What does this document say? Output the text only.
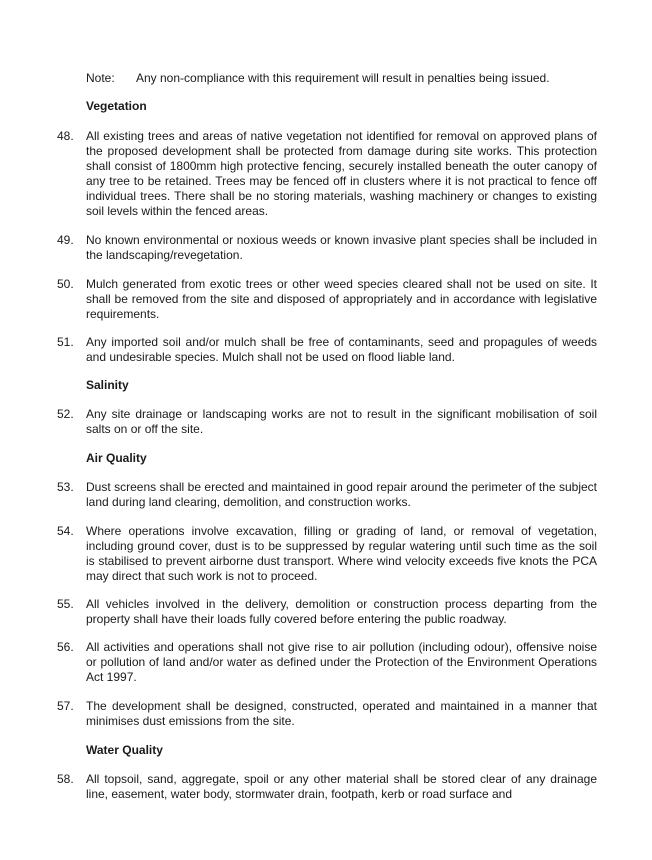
Note: Any non-compliance with this requirement will result in penalties being issued.
Vegetation
48.	All existing trees and areas of native vegetation not identified for removal on approved plans of the proposed development shall be protected from damage during site works. This protection shall consist of 1800mm high protective fencing, securely installed beneath the outer canopy of any tree to be retained. Trees may be fenced off in clusters where it is not practical to fence off individual trees. There shall be no storing materials, washing machinery or changes to existing soil levels within the fenced areas.
49.	No known environmental or noxious weeds or known invasive plant species shall be included in the landscaping/revegetation.
50.	Mulch generated from exotic trees or other weed species cleared shall not be used on site. It shall be removed from the site and disposed of appropriately and in accordance with legislative requirements.
51.	Any imported soil and/or mulch shall be free of contaminants, seed and propagules of weeds and undesirable species. Mulch shall not be used on flood liable land.
Salinity
52.	Any site drainage or landscaping works are not to result in the significant mobilisation of soil salts on or off the site.
Air Quality
53.	Dust screens shall be erected and maintained in good repair around the perimeter of the subject land during land clearing, demolition, and construction works.
54.	Where operations involve excavation, filling or grading of land, or removal of vegetation, including ground cover, dust is to be suppressed by regular watering until such time as the soil is stabilised to prevent airborne dust transport. Where wind velocity exceeds five knots the PCA may direct that such work is not to proceed.
55.	All vehicles involved in the delivery, demolition or construction process departing from the property shall have their loads fully covered before entering the public roadway.
56.	All activities and operations shall not give rise to air pollution (including odour), offensive noise or pollution of land and/or water as defined under the Protection of the Environment Operations Act 1997.
57.	The development shall be designed, constructed, operated and maintained in a manner that minimises dust emissions from the site.
Water Quality
58.	All topsoil, sand, aggregate, spoil or any other material shall be stored clear of any drainage line, easement, water body, stormwater drain, footpath, kerb or road surface and
